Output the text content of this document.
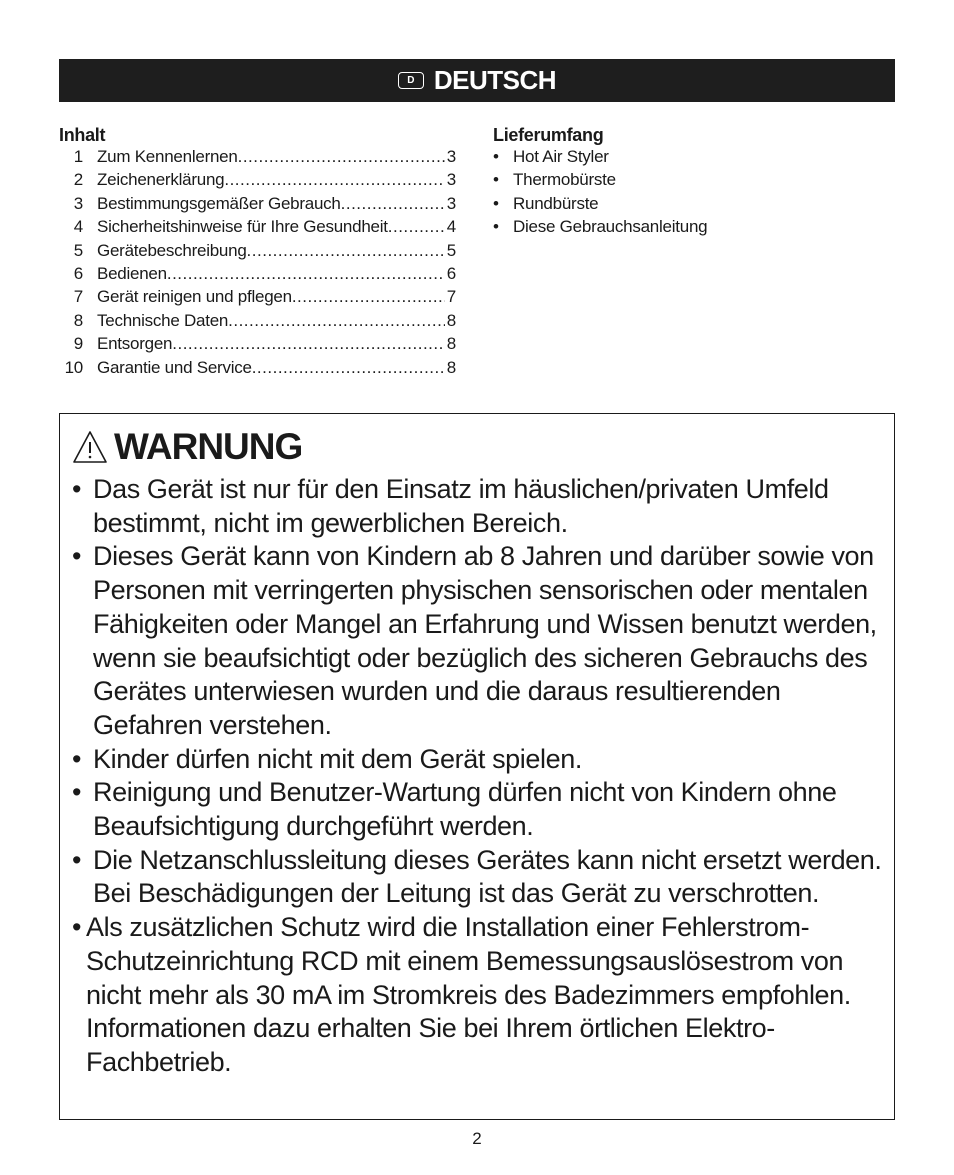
D DEUTSCH
Inhalt
1 Zum Kennenlernen .....	3
2 Zeichenerklärung .....	3
3 Bestimmungsgemäßer Gebrauch .....	3
4 Sicherheitshinweise für Ihre Gesundheit .....	4
5 Gerätebeschreibung .....	5
6 Bedienen .....	6
7 Gerät reinigen und pflegen .....	7
8 Technische Daten .....	8
9 Entsorgen .....	8
10 Garantie und Service .....	8
Lieferumfang
• Hot Air Styler
• Thermobürste
• Rundbürste
• Diese Gebrauchsanleitung
WARNUNG
• Das Gerät ist nur für den Einsatz im häuslichen/privaten Umfeld bestimmt, nicht im gewerblichen Bereich.
• Dieses Gerät kann von Kindern ab 8 Jahren und darüber sowie von Personen mit verringerten physischen sensorischen oder mentalen Fähigkeiten oder Mangel an Erfahrung und Wissen benutzt werden, wenn sie beaufsichtigt oder bezüglich des sicheren Gebrauchs des Gerätes unterwiesen wurden und die daraus resultierenden Gefahren verstehen.
• Kinder dürfen nicht mit dem Gerät spielen.
• Reinigung und Benutzer-Wartung dürfen nicht von Kindern ohne Beaufsichtigung durchgeführt werden.
• Die Netzanschlussleitung dieses Gerätes kann nicht ersetzt werden. Bei Beschädigungen der Leitung ist das Gerät zu verschrotten.
• Als zusätzlichen Schutz wird die Installation einer Fehlerstrom-Schutzeinrichtung RCD mit einem Bemessungsauslösestrom von nicht mehr als 30 mA im Stromkreis des Badezimmers empfohlen. Informationen dazu erhalten Sie bei Ihrem örtlichen Elektro-Fachbetrieb.
2
